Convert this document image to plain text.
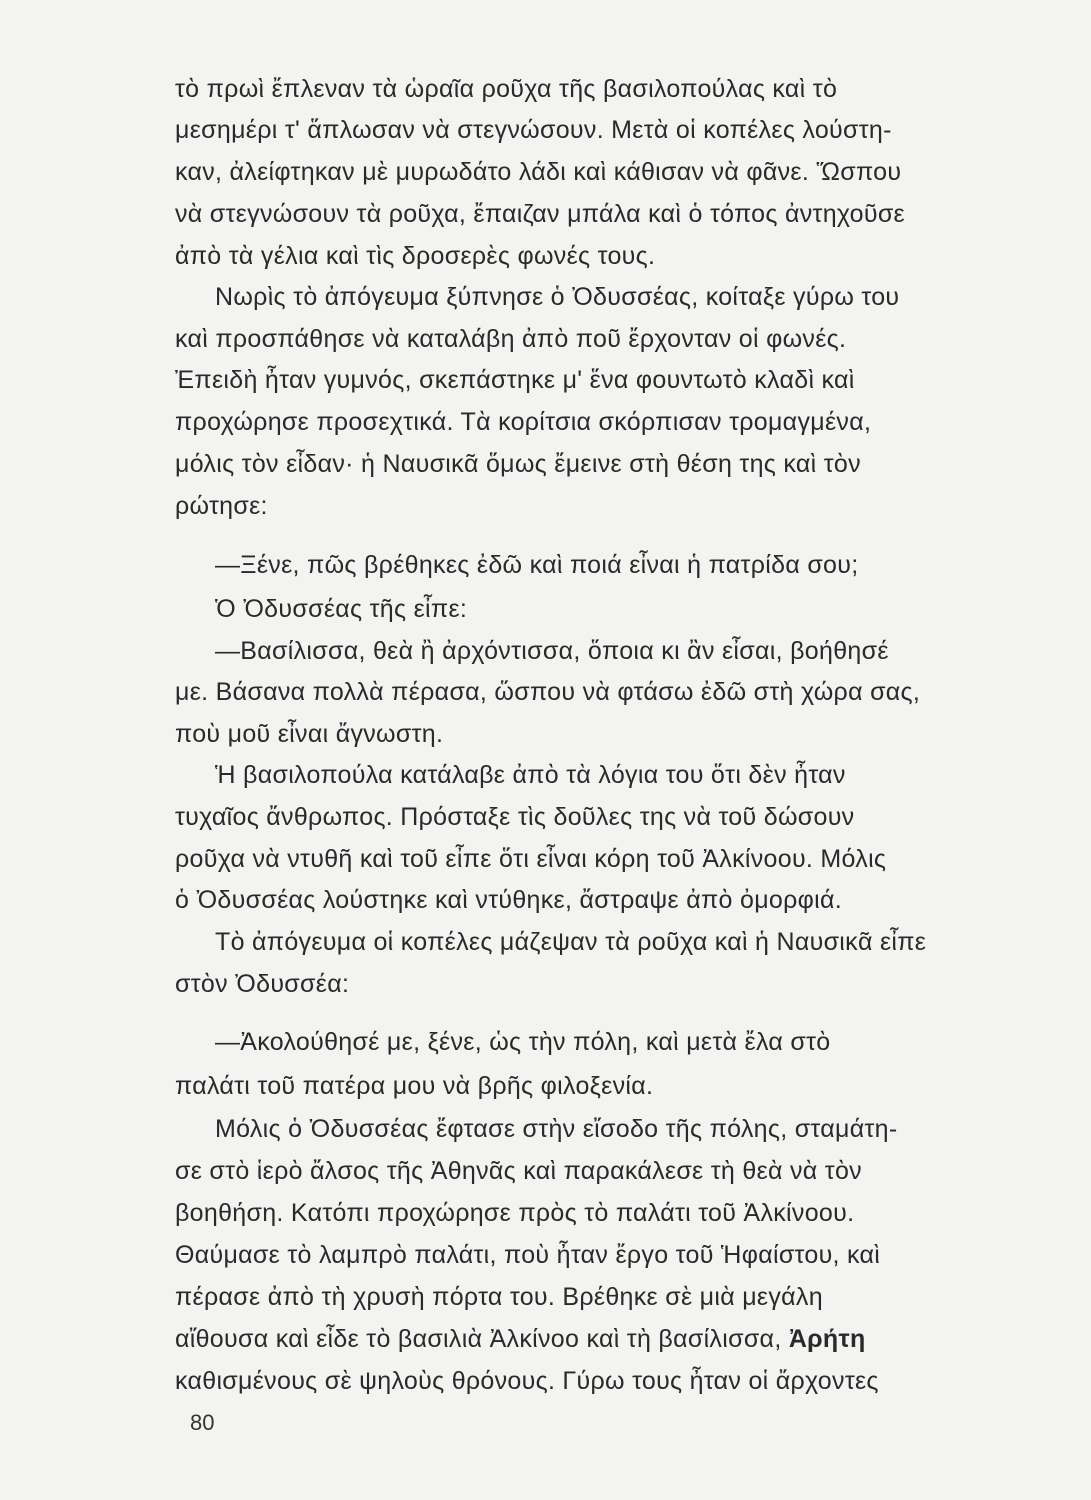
τὸ πρωὶ ἔπλεναν τὰ ὡραῖα ροῦχα τῆς βασιλοπούλας καὶ τὸ
μεσημέρι τ' ἅπλωσαν νὰ στεγνώσουν. Μετὰ οἱ κοπέλες λούστη-
καν, ἀλείφτηκαν μὲ μυρωδάτο λάδι καὶ κάθισαν νὰ φᾶνε. Ὥσπου
νὰ στεγνώσουν τὰ ροῦχα, ἔπαιζαν μπάλα καὶ ὁ τόπος ἀντηχοῦσε
ἀπὸ τὰ γέλια καὶ τὶς δροσερὲς φωνές τους.
Νωρὶς τὸ ἀπόγευμα ξύπνησε ὁ Ὀδυσσέας, κοίταξε γύρω του
καὶ προσπάθησε νὰ καταλάβη ἀπὸ ποῦ ἔρχονταν οἱ φωνές.
Ἐπειδὴ ἦταν γυμνός, σκεπάστηκε μ' ἕνα φουντωτὸ κλαδὶ καὶ
προχώρησε προσεχτικά. Τὰ κορίτσια σκόρπισαν τρομαγμένα,
μόλις τὸν εἶδαν· ἡ Ναυσικᾶ ὅμως ἔμεινε στὴ θέση της καὶ τὸν
ρώτησε:
—Ξένε, πῶς βρέθηκες ἐδῶ καὶ ποιά εἶναι ἡ πατρίδα σου;
Ὁ Ὀδυσσέας τῆς εἶπε:
—Βασίλισσα, θεὰ ἢ ἀρχόντισσα, ὅποια κι ἂν εἶσαι, βοήθησέ
με. Βάσανα πολλὰ πέρασα, ὥσπου νὰ φτάσω ἐδῶ στὴ χώρα σας,
ποὺ μοῦ εἶναι ἄγνωστη.
Ἡ βασιλοπούλα κατάλαβε ἀπὸ τὰ λόγια του ὅτι δὲν ἦταν
τυχαῖος ἄνθρωπος. Πρόσταξε τὶς δοῦλες της νὰ τοῦ δώσουν
ροῦχα νὰ ντυθῆ καὶ τοῦ εἶπε ὅτι εἶναι κόρη τοῦ Ἀλκίνοου. Μόλις
ὁ Ὀδυσσέας λούστηκε καὶ ντύθηκε, ἄστραψε ἀπὸ ὀμορφιά.
Τὸ ἀπόγευμα οἱ κοπέλες μάζεψαν τὰ ροῦχα καὶ ἡ Ναυσικᾶ εἶπε
στὸν Ὀδυσσέα:
—Ἀκολούθησέ με, ξένε, ὡς τὴν πόλη, καὶ μετὰ ἔλα στὸ
παλάτι τοῦ πατέρα μου νὰ βρῆς φιλοξενία.
Μόλις ὁ Ὀδυσσέας ἔφτασε στὴν εἴσοδο τῆς πόλης, σταμάτη-
σε στὸ ἱερὸ ἄλσος τῆς Ἀθηνᾶς καὶ παρακάλεσε τὴ θεὰ νὰ τὸν
βοηθήση. Κατόπι προχώρησε πρὸς τὸ παλάτι τοῦ Ἀλκίνοου.
Θαύμασε τὸ λαμπρὸ παλάτι, ποὺ ἦταν ἔργο τοῦ Ἡφαίστου, καὶ
πέρασε ἀπὸ τὴ χρυσὴ πόρτα του. Βρέθηκε σὲ μιὰ μεγάλη
αἴθουσα καὶ εἶδε τὸ βασιλιὰ Ἀλκίνοο καὶ τὴ βασίλισσα, Ἀρήτη
καθισμένους σὲ ψηλοὺς θρόνους. Γύρω τους ἦταν οἱ ἄρχοντες
80
